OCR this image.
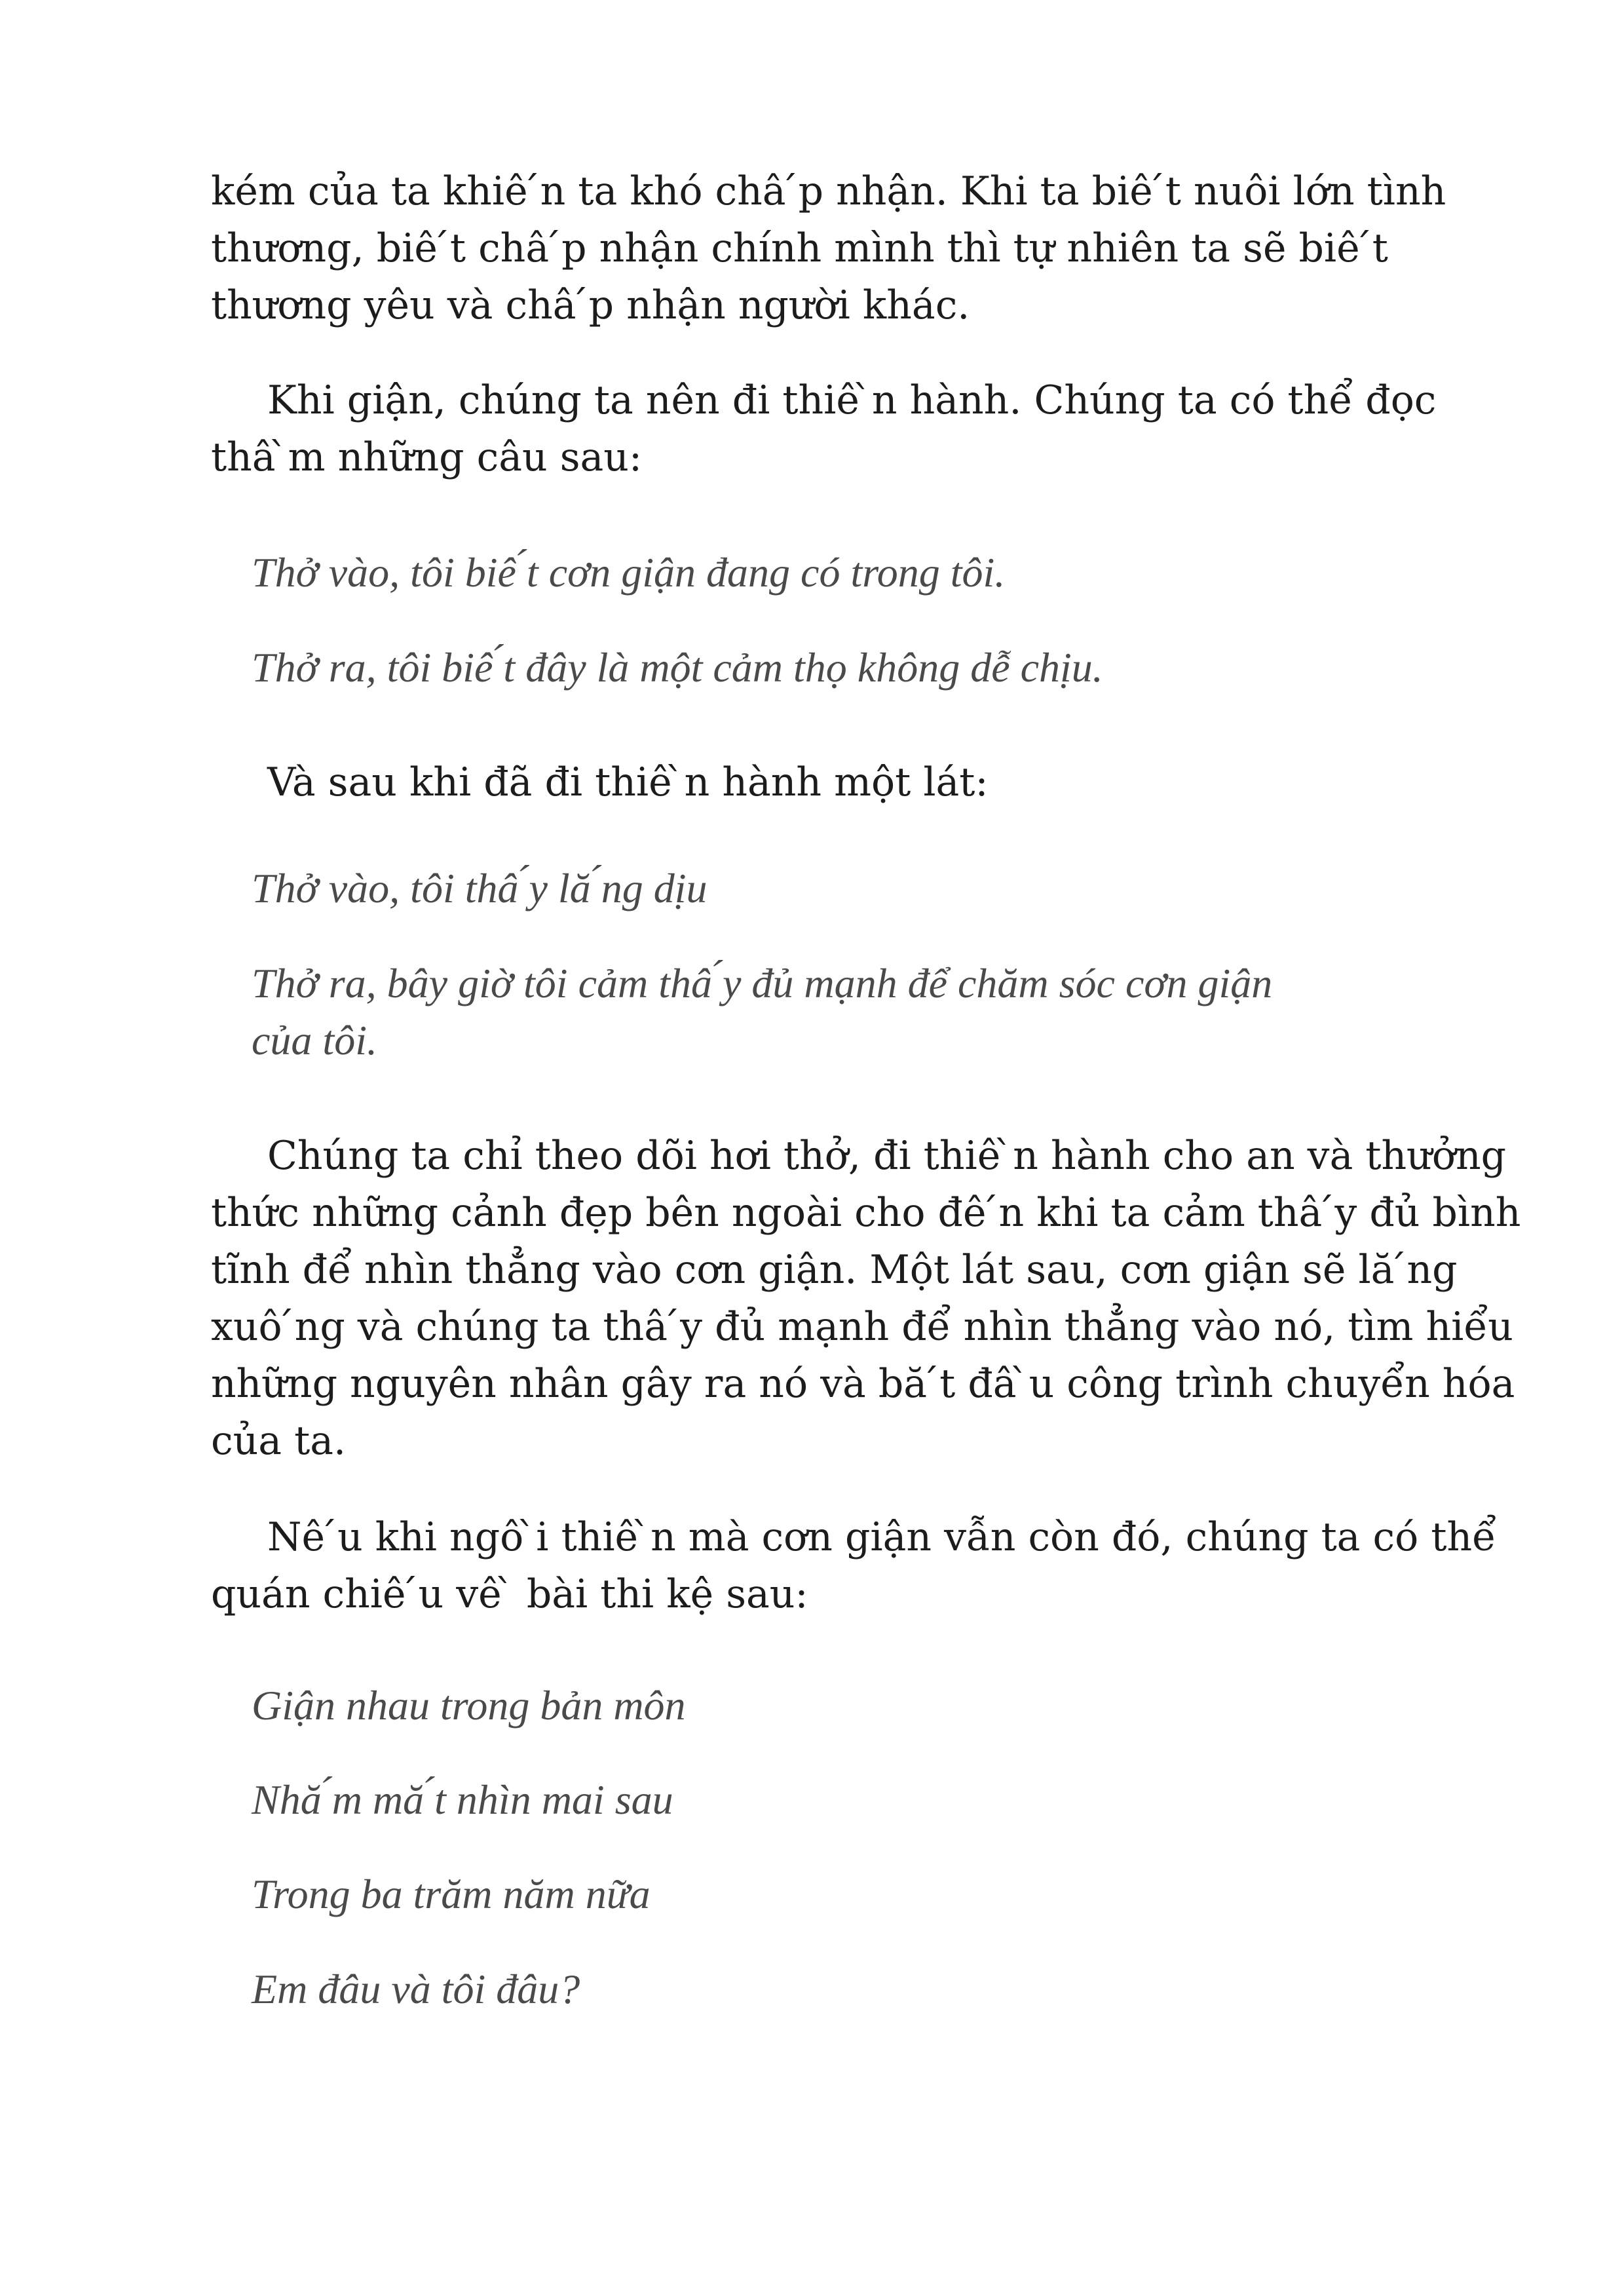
kém của ta khiê ́n ta khó châ ́p nhận. Khi ta biê ́t nuôi lớn tình

thương, biê ́t châ ́p nhận chính mình thì tự nhiên ta sẽ biê ́t

thương yêu và châ ́p nhận người khác.

Khi giận, chúng ta nên đi thiê ̀n hành. Chúng ta có thể đọc

thâ ̀m những câu sau:

Thở vào, tôi biê ́t cơn giận đang có trong tôi.

Thở ra, tôi biê ́t đây là một cảm thọ không dễ chịu.

Và sau khi đã đi thiê ̀n hành một lát:

Thở vào, tôi thâ ́y lă ́ng dịu

Thở ra, bây giờ tôi cảm thâ ́y đủ mạnh để chăm sóc cơn giận

của tôi.

Chúng ta chỉ theo dõi hơi thở, đi thiê ̀n hành cho an và thưởng

thức những cảnh đẹp bên ngoài cho đê ́n khi ta cảm thâ ́y đủ bình

tĩnh để nhìn thẳng vào cơn giận. Một lát sau, cơn giận sẽ lă ́ng

xuô ́ng và chúng ta thâ ́y đủ mạnh để nhìn thẳng vào nó, tìm hiểu

những nguyên nhân gây ra nó và bă ́t đâ ̀u công trình chuyển hóa

của ta.

Nê ́u khi ngô ̀i thiê ̀n mà cơn giận vẫn còn đó, chúng ta có thể

quán chiê ́u vê ̀ bài thi kệ sau:

Giận nhau trong bản môn

Nhă ́m mă ́t nhìn mai sau

Trong ba trăm năm nữa

Em đâu và tôi đâu?
